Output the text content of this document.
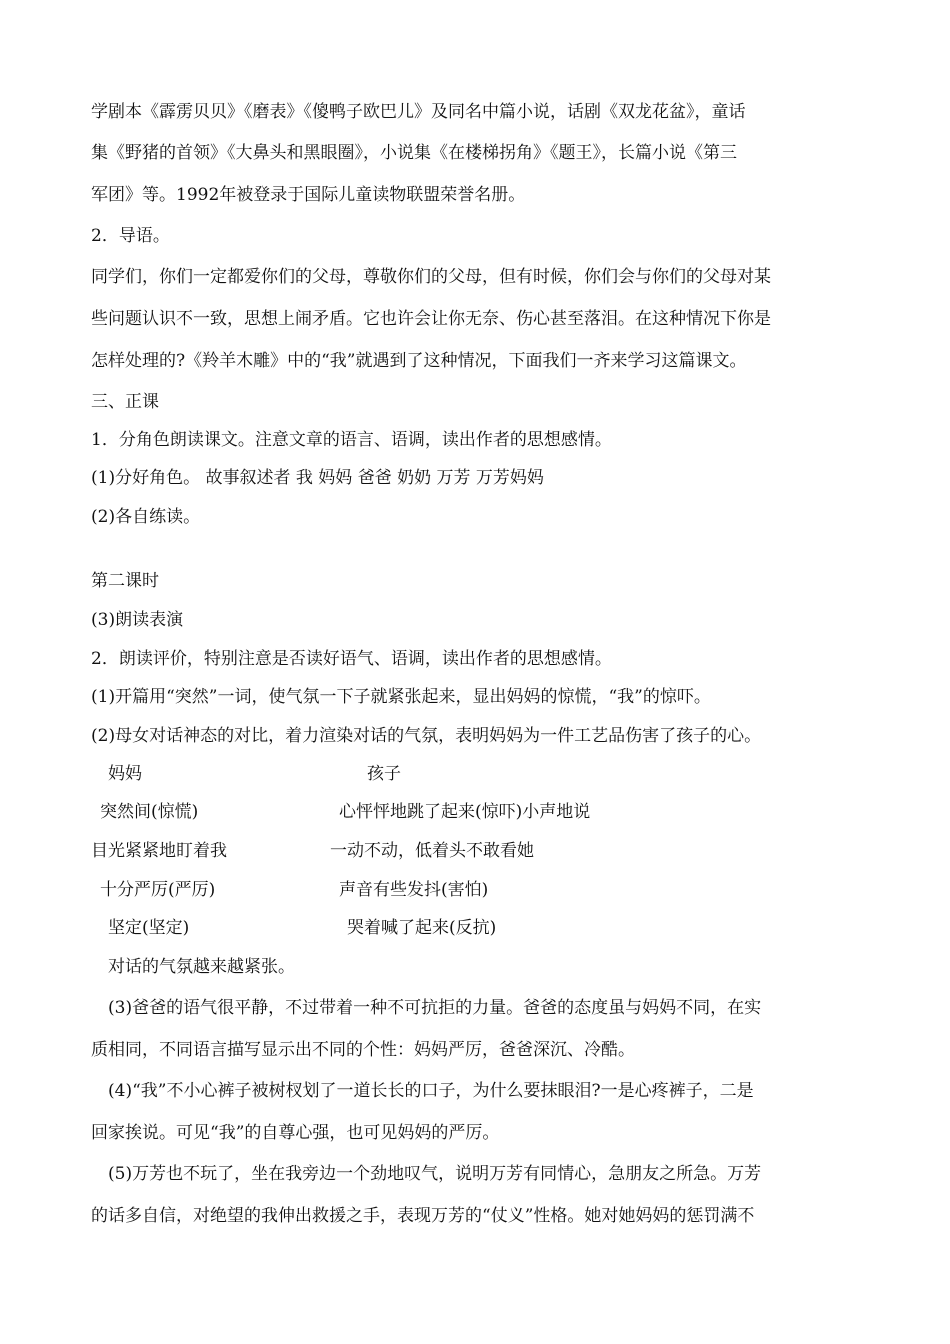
学剧本《霹雳贝贝》《磨表》《傻鸭子欧巴儿》及同名中篇小说，话剧《双龙花盆》，童话
集《野猪的首领》《大鼻头和黑眼圈》，小说集《在楼梯拐角》《题王》，长篇小说《第三
军团》等。1992年被登录于国际儿童读物联盟荣誉名册。
2．导语。
同学们，你们一定都爱你们的父母，尊敬你们的父母，但有时候，你们会与你们的父母对某
些问题认识不一致，思想上闹矛盾。它也许会让你无奈、伤心甚至落泪。在这种情况下你是
怎样处理的?《羚羊木雕》中的“我”就遇到了这种情况，下面我们一齐来学习这篇课文。
三、正课
1．分角色朗读课文。注意文章的语言、语调，读出作者的思想感情。
(1)分好角色。 故事叙述者 我 妈妈 爸爸 奶奶 万芳 万芳妈妈
(2)各自练读。
第二课时
(3)朗读表演
2．朗读评价，特别注意是否读好语气、语调，读出作者的思想感情。
(1)开篇用“突然”一词，使气氛一下子就紧张起来，显出妈妈的惊慌，“我”的惊吓。
(2)母女对话神态的对比，着力渲染对话的气氛，表明妈妈为一件工艺品伤害了孩子的心。
妈妈	孩子
突然间(惊慌)	心怦怦地跳了起来(惊吓)小声地说
目光紧紧地盯着我	一动不动，低着头不敢看她
十分严厉(严厉)	声音有些发抖(害怕)
坚定(坚定)	哭着喊了起来(反抗)
对话的气氛越来越紧张。
(3)爸爸的语气很平静，不过带着一种不可抗拒的力量。爸爸的态度虽与妈妈不同，在实
质相同，不同语言描写显示出不同的个性：妈妈严厉，爸爸深沉、冷酷。
(4)“我”不小心裤子被树杈划了一道长长的口子，为什么要抹眼泪?一是心疼裤子，二是
回家挨说。可见“我”的自尊心强，也可见妈妈的严厉。
(5)万芳也不玩了，坐在我旁边一个劲地叹气，说明万芳有同情心，急朋友之所急。万芳
的话多自信，对绝望的我伸出救援之手，表现万芳的“仗义”性格。她对她妈妈的惩罚满不
